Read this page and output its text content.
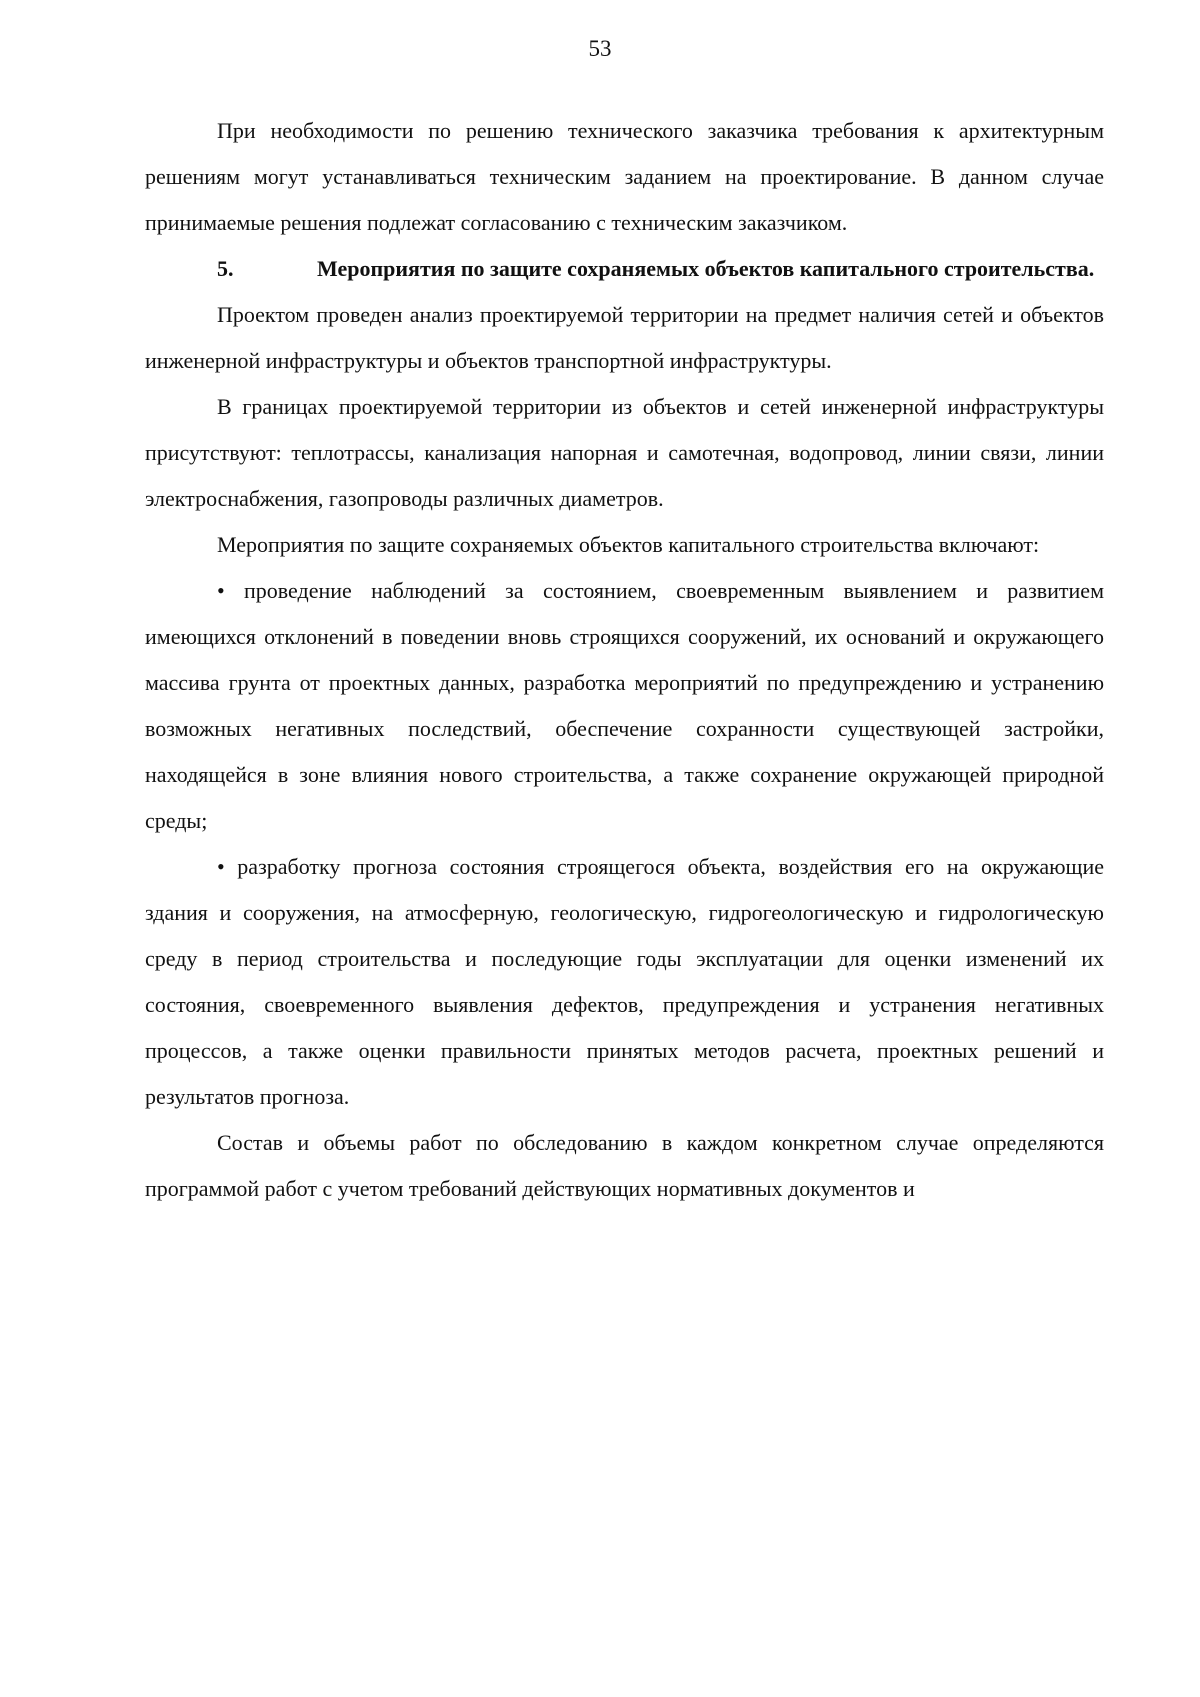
53

При необходимости по решению технического заказчика требования к архитектурным решениям могут устанавливаться техническим заданием на проектирование. В данном случае принимаемые решения подлежат согласованию с техническим заказчиком.

5.	Мероприятия по защите сохраняемых объектов капитального строительства.

Проектом проведен анализ проектируемой территории на предмет наличия сетей и объектов инженерной инфраструктуры и объектов транспортной инфраструктуры.

В границах проектируемой территории из объектов и сетей инженерной инфраструктуры присутствуют: теплотрассы, канализация напорная и самотечная, водопровод, линии связи, линии электроснабжения, газопроводы различных диаметров.

Мероприятия по защите сохраняемых объектов капитального строительства включают:

• проведение наблюдений за состоянием, своевременным выявлением и развитием имеющихся отклонений в поведении вновь строящихся сооружений, их оснований и окружающего массива грунта от проектных данных, разработка мероприятий по предупреждению и устранению возможных негативных последствий, обеспечение сохранности существующей застройки, находящейся в зоне влияния нового строительства, а также сохранение окружающей природной среды;

• разработку прогноза состояния строящегося объекта, воздействия его на окружающие здания и сооружения, на атмосферную, геологическую, гидрогеологическую и гидрологическую среду в период строительства и последующие годы эксплуатации для оценки изменений их состояния, своевременного выявления дефектов, предупреждения и устранения негативных процессов, а также оценки правильности принятых методов расчета, проектных решений и результатов прогноза.

Состав и объемы работ по обследованию в каждом конкретном случае определяются программой работ с учетом требований действующих нормативных документов и
